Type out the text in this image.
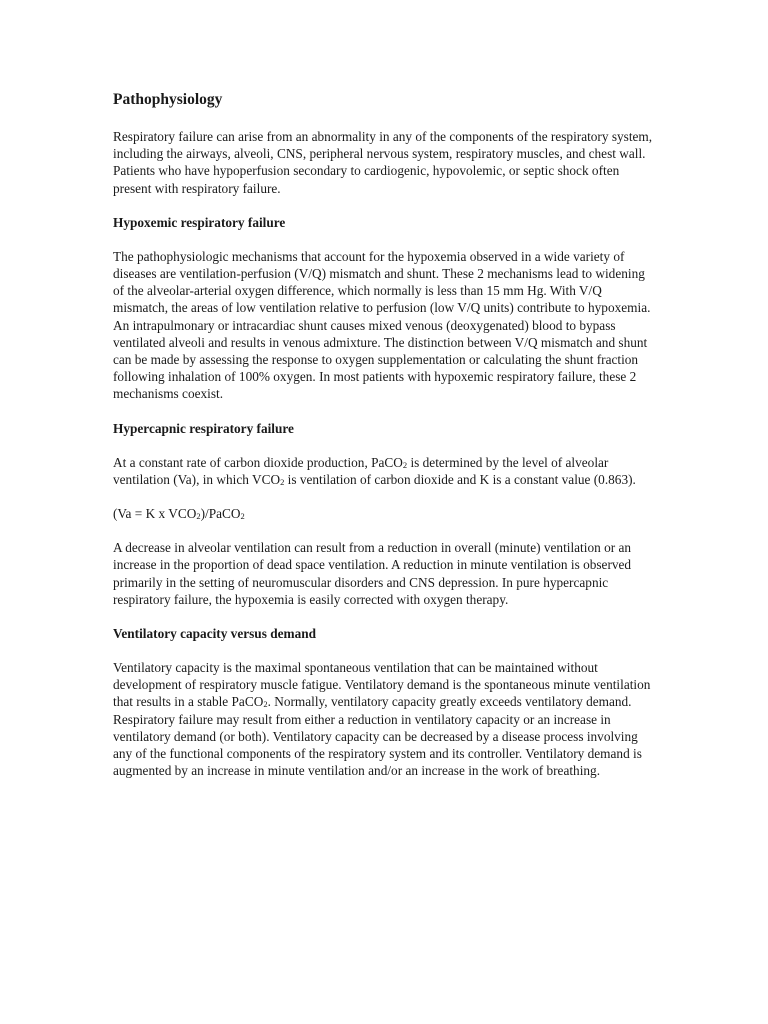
Pathophysiology

Respiratory failure can arise from an abnormality in any of the components of the respiratory system, including the airways, alveoli, CNS, peripheral nervous system, respiratory muscles, and chest wall. Patients who have hypoperfusion secondary to cardiogenic, hypovolemic, or septic shock often present with respiratory failure.

Hypoxemic respiratory failure

The pathophysiologic mechanisms that account for the hypoxemia observed in a wide variety of diseases are ventilation-perfusion (V/Q) mismatch and shunt. These 2 mechanisms lead to widening of the alveolar-arterial oxygen difference, which normally is less than 15 mm Hg. With V/Q mismatch, the areas of low ventilation relative to perfusion (low V/Q units) contribute to hypoxemia. An intrapulmonary or intracardiac shunt causes mixed venous (deoxygenated) blood to bypass ventilated alveoli and results in venous admixture. The distinction between V/Q mismatch and shunt can be made by assessing the response to oxygen supplementation or calculating the shunt fraction following inhalation of 100% oxygen. In most patients with hypoxemic respiratory failure, these 2 mechanisms coexist.

Hypercapnic respiratory failure

At a constant rate of carbon dioxide production, PaCO$_2$ is determined by the level of alveolar ventilation (Va), in which $VCO_2$ is ventilation of carbon dioxide and K is a constant value (0.863).

(Va = K x $VCO_2)/PaCO_2$

A decrease in alveolar ventilation can result from a reduction in overall (minute) ventilation or an increase in the proportion of dead space ventilation. A reduction in minute ventilation is observed primarily in the setting of neuromuscular disorders and CNS depression. In pure hypercapnic respiratory failure, the hypoxemia is easily corrected with oxygen therapy.

Ventilatory capacity versus demand

Ventilatory capacity is the maximal spontaneous ventilation that can be maintained without development of respiratory muscle fatigue. Ventilatory demand is the spontaneous minute ventilation that results in a stable PaCO$_2$. Normally, ventilatory capacity greatly exceeds ventilatory demand. Respiratory failure may result from either a reduction in ventilatory capacity or an increase in ventilatory demand (or both). Ventilatory capacity can be decreased by a disease process involving any of the functional components of the respiratory system and its controller. Ventilatory demand is augmented by an increase in minute ventilation and/or an increase in the work of breathing.
